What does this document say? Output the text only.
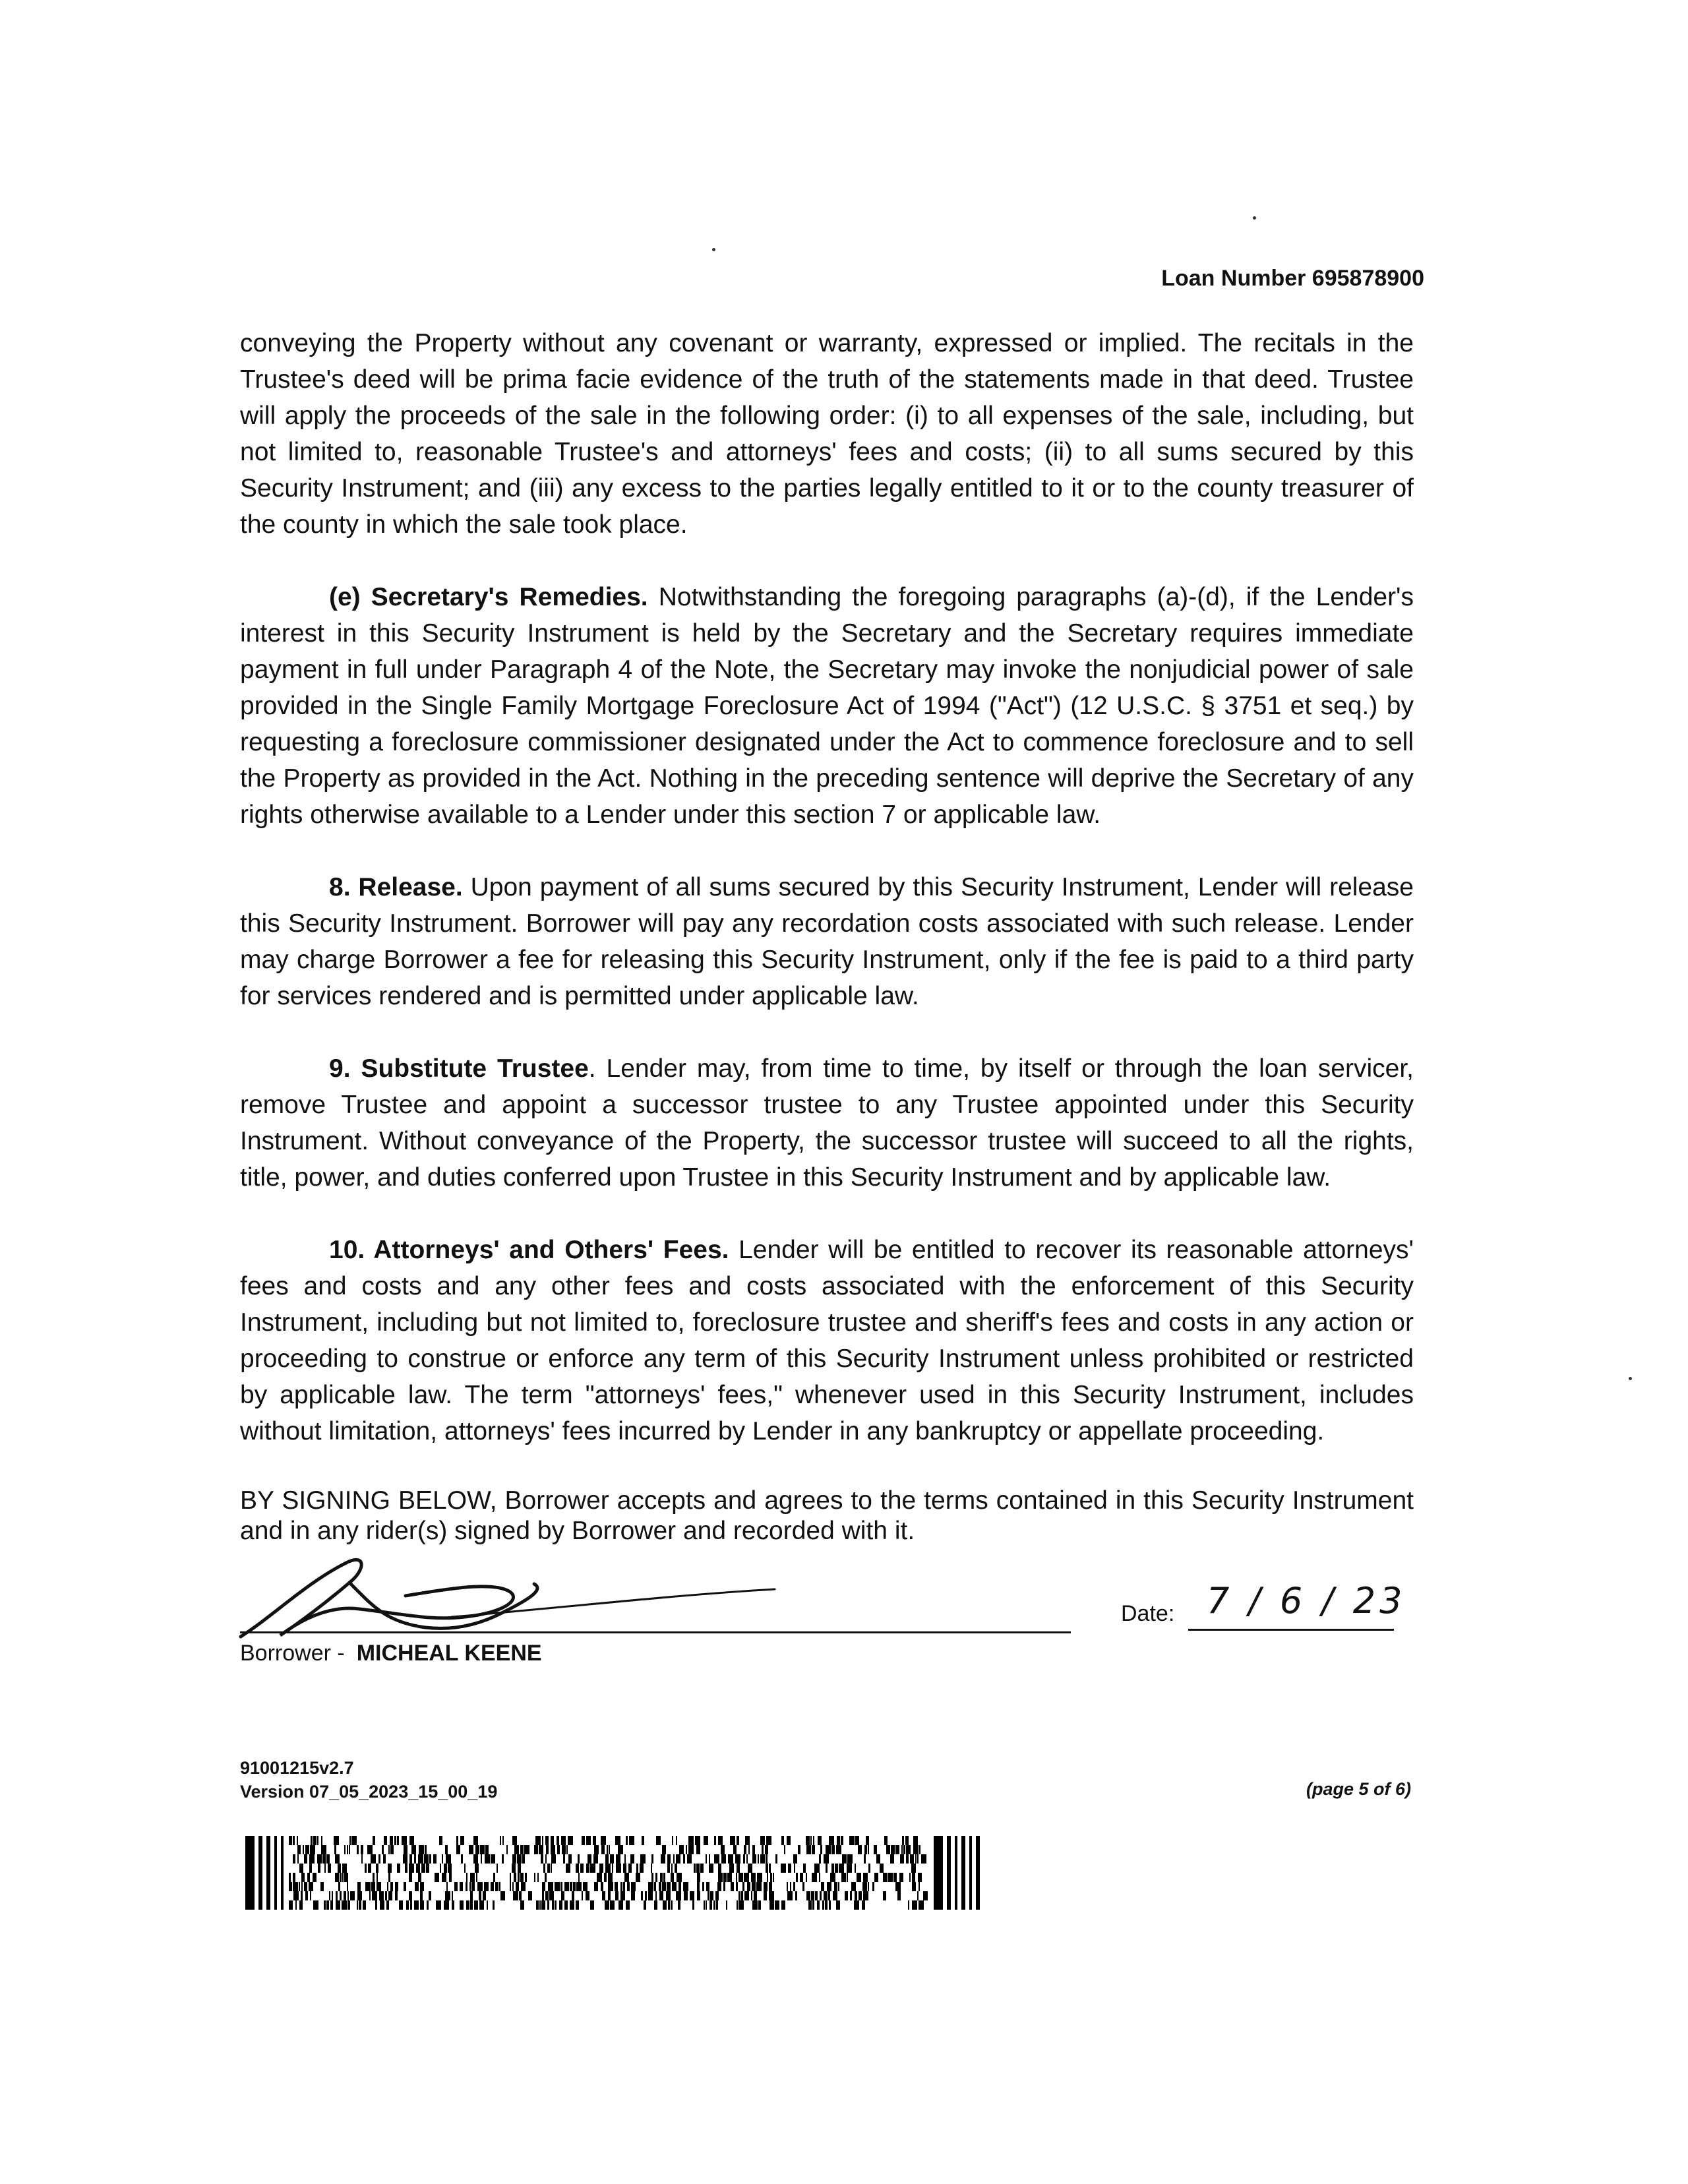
Loan Number 695878900

conveying the Property without any covenant or warranty, expressed or implied. The recitals in the Trustee's deed will be prima facie evidence of the truth of the statements made in that deed. Trustee will apply the proceeds of the sale in the following order: (i) to all expenses of the sale, including, but not limited to, reasonable Trustee's and attorneys' fees and costs; (ii) to all sums secured by this Security Instrument; and (iii) any excess to the parties legally entitled to it or to the county treasurer of the county in which the sale took place.

(e) Secretary's Remedies. Notwithstanding the foregoing paragraphs (a)-(d), if the Lender's interest in this Security Instrument is held by the Secretary and the Secretary requires immediate payment in full under Paragraph 4 of the Note, the Secretary may invoke the nonjudicial power of sale provided in the Single Family Mortgage Foreclosure Act of 1994 ("Act") (12 U.S.C. § 3751 et seq.) by requesting a foreclosure commissioner designated under the Act to commence foreclosure and to sell the Property as provided in the Act. Nothing in the preceding sentence will deprive the Secretary of any rights otherwise available to a Lender under this section 7 or applicable law.

8. Release. Upon payment of all sums secured by this Security Instrument, Lender will release this Security Instrument. Borrower will pay any recordation costs associated with such release. Lender may charge Borrower a fee for releasing this Security Instrument, only if the fee is paid to a third party for services rendered and is permitted under applicable law.

9. Substitute Trustee. Lender may, from time to time, by itself or through the loan servicer, remove Trustee and appoint a successor trustee to any Trustee appointed under this Security Instrument. Without conveyance of the Property, the successor trustee will succeed to all the rights, title, power, and duties conferred upon Trustee in this Security Instrument and by applicable law.

10. Attorneys' and Others' Fees. Lender will be entitled to recover its reasonable attorneys' fees and costs and any other fees and costs associated with the enforcement of this Security Instrument, including but not limited to, foreclosure trustee and sheriff's fees and costs in any action or proceeding to construe or enforce any term of this Security Instrument unless prohibited or restricted by applicable law. The term "attorneys' fees," whenever used in this Security Instrument, includes without limitation, attorneys' fees incurred by Lender in any bankruptcy or appellate proceeding.

BY SIGNING BELOW, Borrower accepts and agrees to the terms contained in this Security Instrument and in any rider(s) signed by Borrower and recorded with it.

Borrower - MICHEAL KEENE
Date: 7 / 6 / 23
91001215v2.7
Version 07_05_2023_15_00_19	(page 5 of 6)
